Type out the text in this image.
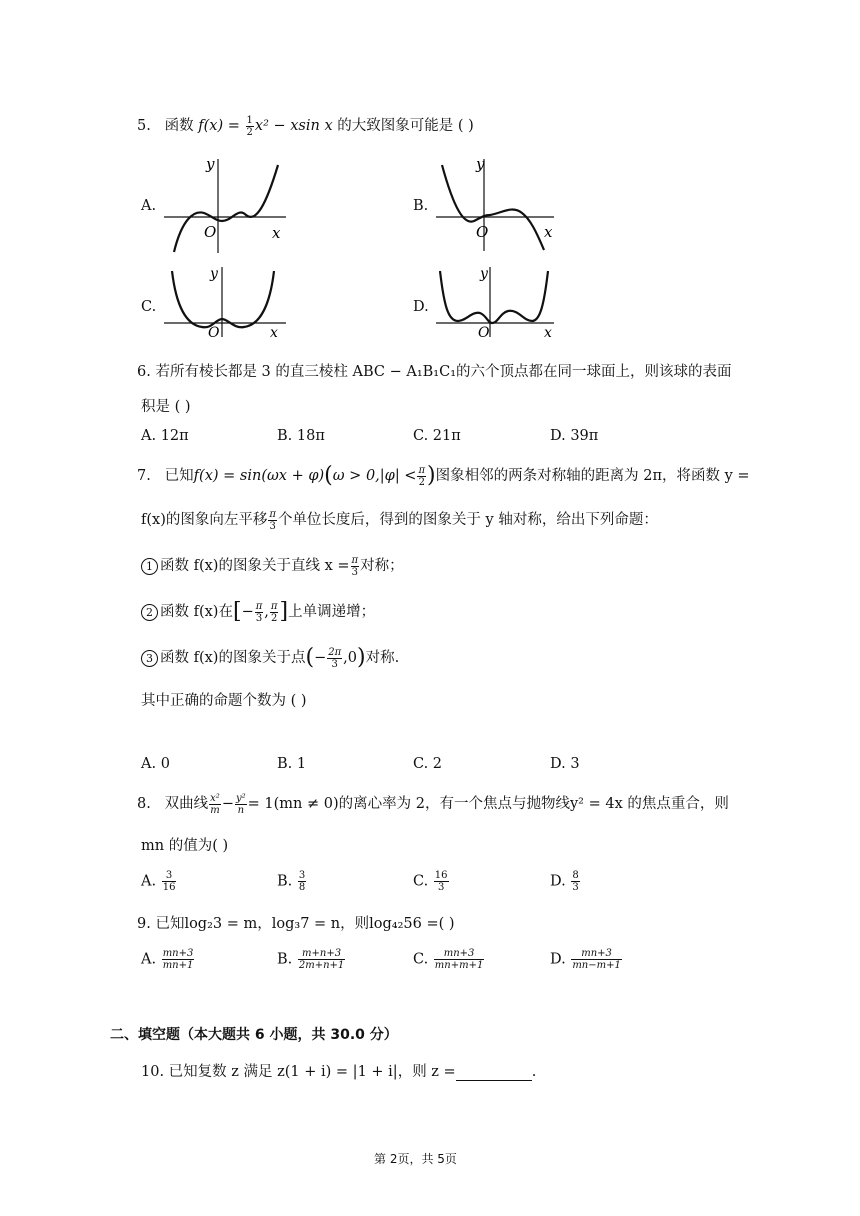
5. 函数 $f(x) = \frac{1}{2} x^2 - xsin$ x 的大致图象可能是 ( )
A.	B.
C.	D.
y
x
O
y
x
O
y
x
O
y
x
O
6. 若所有棱长都是 3 的直三棱柱 ABC − A₁B₁C₁的六个顶点都在同一球面上，则该球的表面
积是 ( )
A. 12π	B. 18π	C. 21π	D. 39π
7. 已知$f(x) = \sin(\omega x + \varphi)(\omega > 0,|\varphi| < \frac{\pi}{2}$ )图象相邻的两条对称轴的距离为 2π，将函数 y =
f(x)的图象向左平移 $\frac{\pi}{3}$ 个单位长度后，得到的图象关于 y 轴对称，给出下列命题：
1 函数 f(x)的图象关于直线 $x = \frac{\pi}{3}$ 对称；
2 函数 f(x)在[− $\frac{\pi}{3}$ , $\frac{\pi}{2}$ ]上单调递增；
3 函数 f(x)的图象关于点(− $\frac{2\pi}{3} ,0$)对称.
其中正确的命题个数为 ( )
A. 0	B. 1	C. 2	D. 3
8. 双曲线 $\frac{\text{x²}}{m} - \frac{\text{y²}}{n} = 1(mn \ne 0)$的离心率为 2，有一个焦点与抛物线y² = 4x 的焦点重合，则
mn 的值为( )
A. $\frac{3}{16}$	B. $\frac{3}{8}$	C. $\frac{16}{3}$	D. $\frac{8}{3}$
9. 已知log₂3 = m，log₃7 = n，则log₄₂56 =( )
A. $\frac{mn+3}{mn+1}$	B. $\frac{m+n+3}{2m+n+1}$	C. $\frac{mn+3}{mn+m+1}$	D. $\frac{mn+3}{mn-m+1}$
二、填空题（本大题共 6 小题，共 30.0 分）
10. 已知复数 z 满足 z(1 + i) = |1 + i|，则 z =	.
第 2页，共 5页
